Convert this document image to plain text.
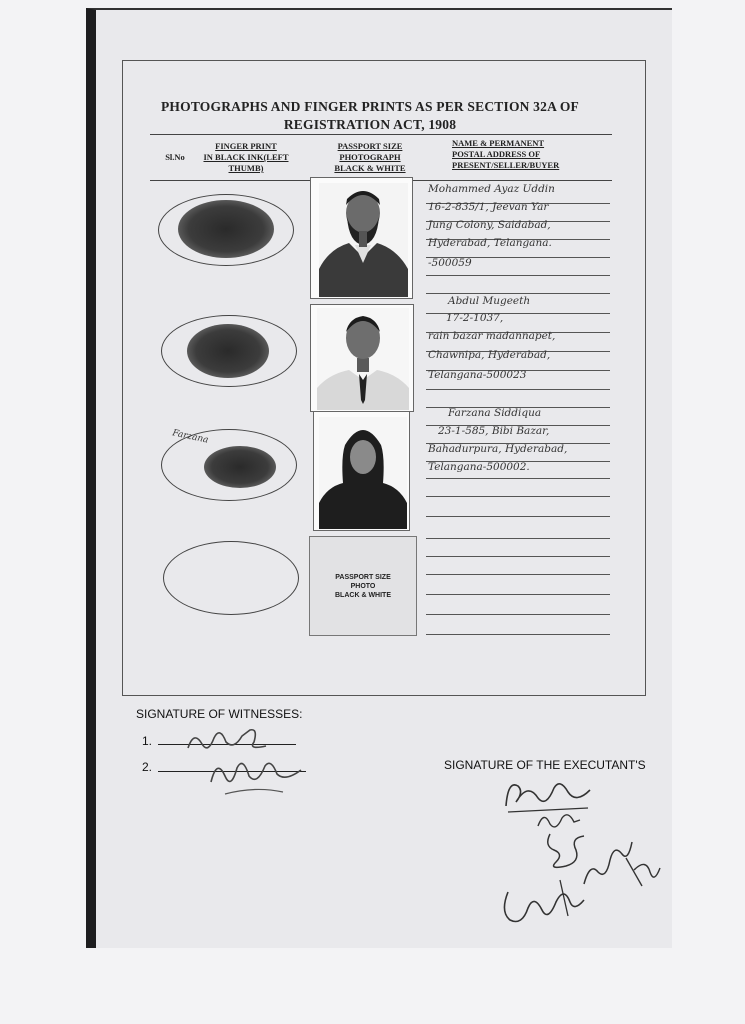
PHOTOGRAPHS AND FINGER PRINTS AS PER SECTION 32A OF
REGISTRATION ACT, 1908
Sl.No
FINGER PRINT
IN BLACK INK(LEFT
THUMB)
PASSPORT SIZE
PHOTOGRAPH
BLACK & WHITE
NAME & PERMANENT
POSTAL ADDRESS OF
PRESENT/SELLER/BUYER
Farzana
PASSPORT SIZE
PHOTO
BLACK & WHITE
Mohammed Ayaz Uddin
16-2-835/1, Jeevan Yar
Jung Colony, Saidabad,
Hyderabad, Telangana.
-500059
Abdul Mugeeth
17-2-1037,
rain bazar madannapet,
Chawnipa, Hyderabad,
Telangana-500023
Farzana Siddiqua
23-1-585, Bibi Bazar,
Bahadurpura, Hyderabad,
Telangana-500002.
SIGNATURE OF WITNESSES:
1.
2.	SIGNATURE OF THE EXECUTANT'S
